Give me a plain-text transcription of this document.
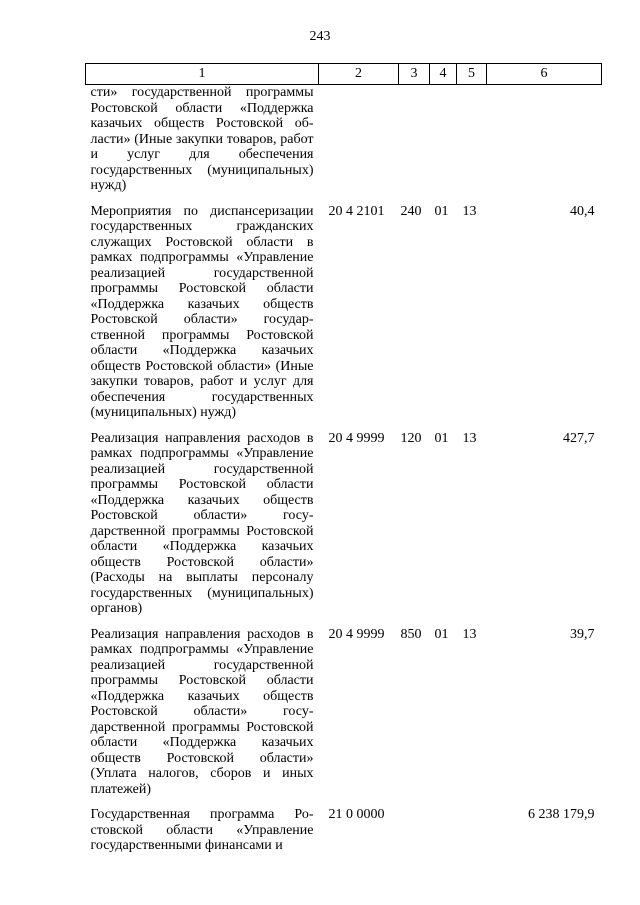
243
1	2	3	4	5	6
сти» государственной программы Ростовской области «Поддержка казачьих обществ Ростовской области» (Иные закупки товаров, работ и услуг для обеспечения государственных (муниципальных) нужд)					

Мероприятия по диспансеризации государственных гражданских служащих Ростовской области в рамках подпрограммы «Управление реализацией государственной программы Ростовской области «Поддержка казачьих обществ Ростовской области» государственной программы Ростовской области «Поддержка казачьих обществ Ростовской области» (Иные закупки товаров, работ и услуг для обеспечения государственных (муниципальных) нужд)	20 4 2101	240	01	13	40,4

Реализация направления расходов в рамках подпрограммы «Управление реализацией государственной программы Ростовской области «Поддержка казачьих обществ Ростовской области» государственной программы Ростовской области «Поддержка казачьих обществ Ростовской области» (Расходы на выплаты персоналу государственных (муниципальных) органов)	20 4 9999	120	01	13	427,7

Реализация направления расходов в рамках подпрограммы «Управление реализацией государственной программы Ростовской области «Поддержка казачьих обществ Ростовской области» государственной программы Ростовской области «Поддержка казачьих обществ Ростовской области» (Уплата налогов, сборов и иных платежей)	20 4 9999	850	01	13	39,7

Государственная программа Ростовской области «Управление государственными финансами и	21 0 0000				6 238 179,9
